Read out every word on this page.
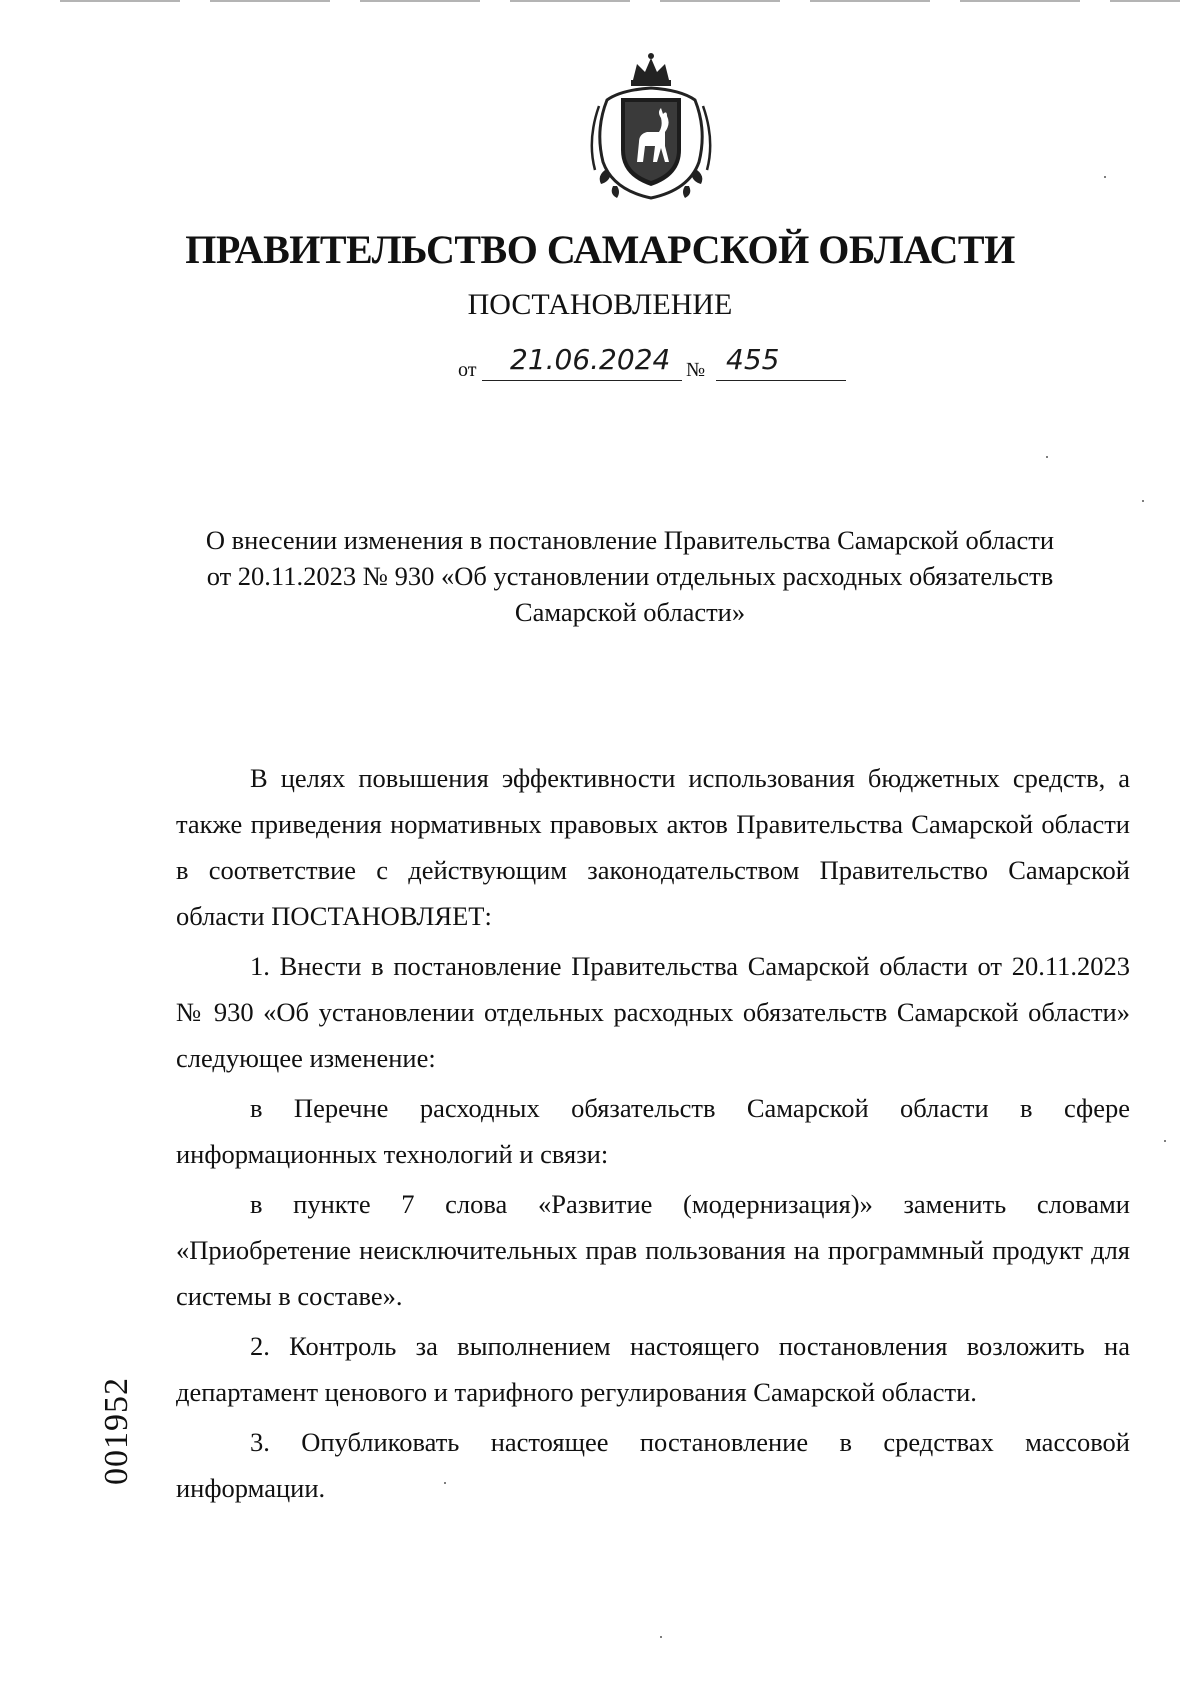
ПРАВИТЕЛЬСТВО САМАРСКОЙ ОБЛАСТИ
ПОСТАНОВЛЕНИЕ
от 21.06.2024 № 455
О внесении изменения в постановление Правительства Самарской области
от 20.11.2023 № 930 «Об установлении отдельных расходных обязательств
Самарской области»

В целях повышения эффективности использования бюджетных средств, а также приведения нормативных правовых актов Правительства Самарской области в соответствие с действующим законодательством Правительство Самарской области ПОСТАНОВЛЯЕТ:

1. Внести в постановление Правительства Самарской области от 20.11.2023 № 930 «Об установлении отдельных расходных обязательств Самарской области» следующее изменение:

в Перечне расходных обязательств Самарской области в сфере информационных технологий и связи:

в пункте 7 слова «Развитие (модернизация)» заменить словами «Приобретение неисключительных прав пользования на программный продукт для системы в составе».

2. Контроль за выполнением настоящего постановления возложить на департамент ценового и тарифного регулирования Самарской области.

3. Опубликовать настоящее постановление в средствах массовой информации.

001952
